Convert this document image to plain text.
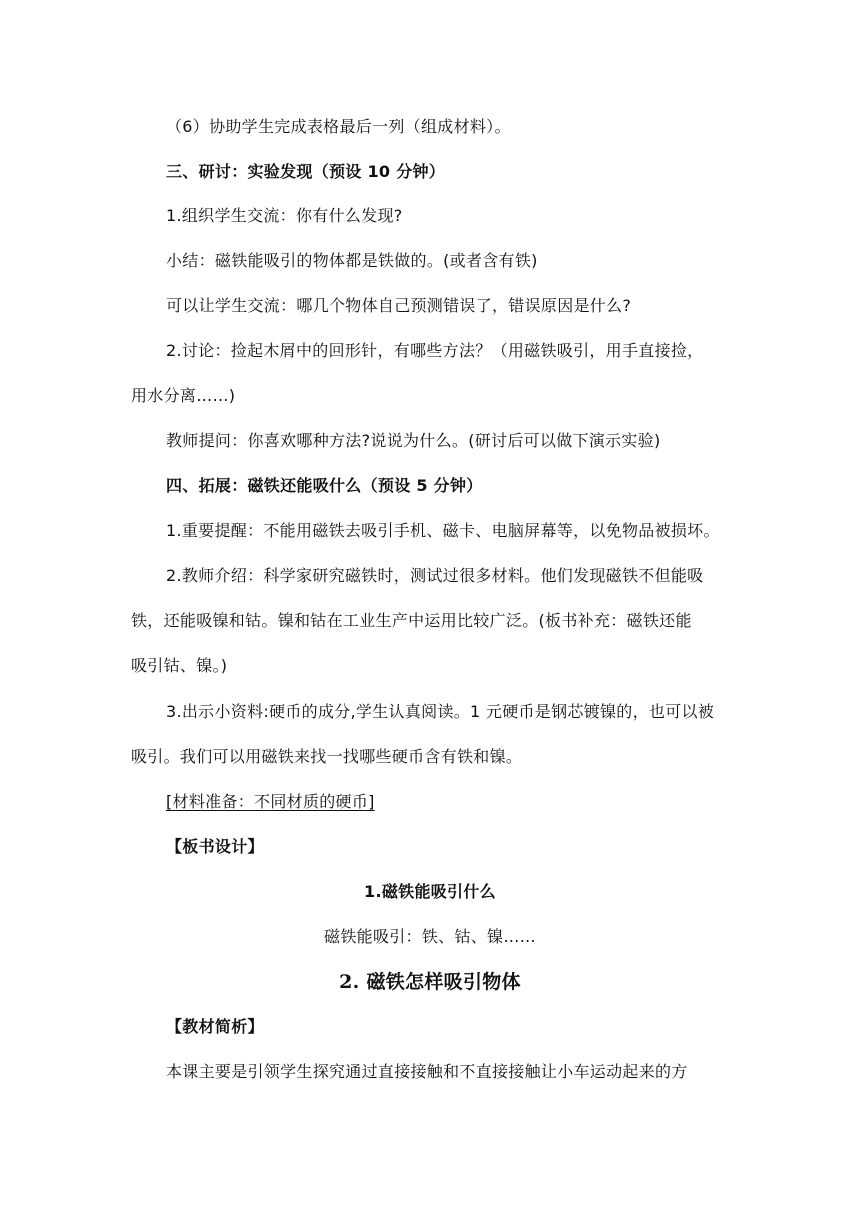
（6）协助学生完成表格最后一列（组成材料）。
三、研讨：实验发现（预设 10 分钟）
1.组织学生交流：你有什么发现?
小结：磁铁能吸引的物体都是铁做的。(或者含有铁)
可以让学生交流：哪几个物体自己预测错误了，错误原因是什么?
2.讨论：捡起木屑中的回形针，有哪些方法？（用磁铁吸引，用手直接捡，
用水分离……)
教师提问：你喜欢哪种方法?说说为什么。(研讨后可以做下演示实验)
四、拓展：磁铁还能吸什么（预设 5 分钟）
1.重要提醒：不能用磁铁去吸引手机、磁卡、电脑屏幕等，以免物品被损坏。
2.教师介绍：科学家研究磁铁时，测试过很多材料。他们发现磁铁不但能吸
铁，还能吸镍和钴。镍和钴在工业生产中运用比较广泛。(板书补充：磁铁还能
吸引钴、镍。)
3.出示小资料:硬币的成分,学生认真阅读。1 元硬币是钢芯镀镍的，也可以被
吸引。我们可以用磁铁来找一找哪些硬币含有铁和镍。
[材料准备：不同材质的硬币]
【板书设计】
1.磁铁能吸引什么
磁铁能吸引：铁、钴、镍……
2. 磁铁怎样吸引物体
【教材简析】
本课主要是引领学生探究通过直接接触和不直接接触让小车运动起来的方
